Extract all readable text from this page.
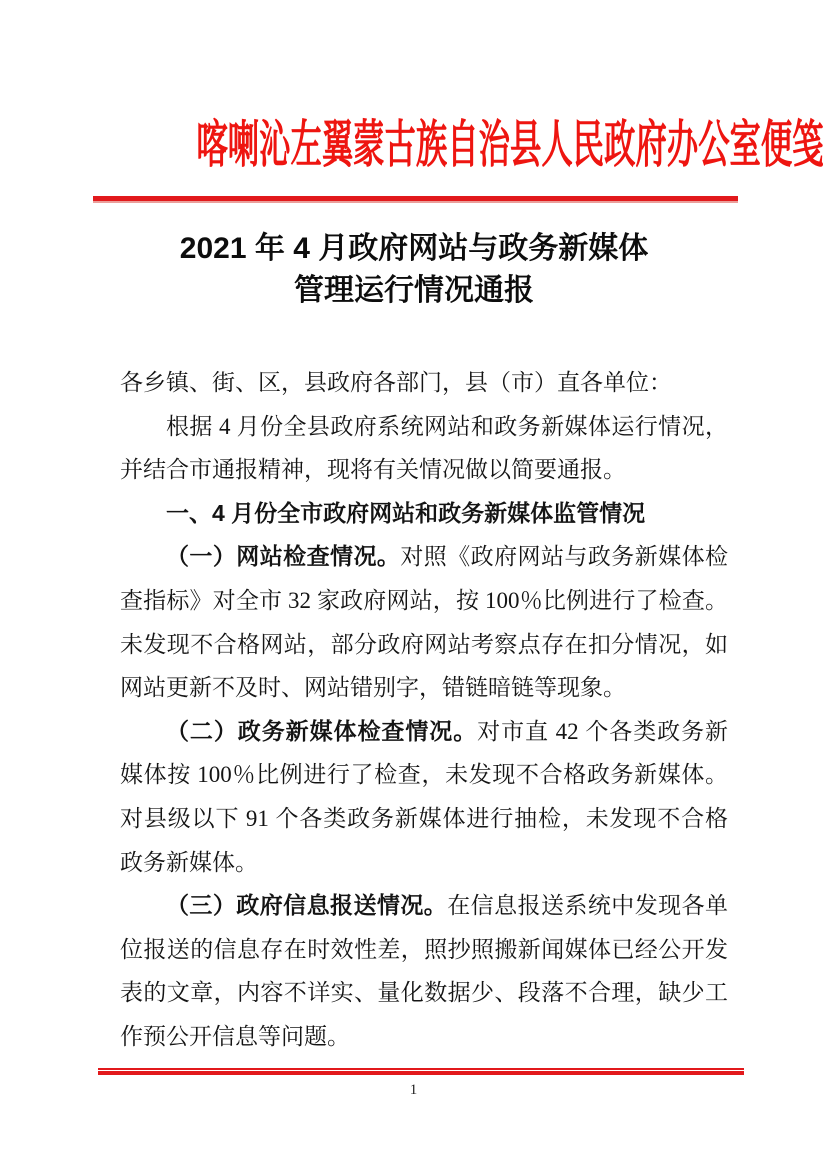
喀喇沁左翼蒙古族自治县人民政府办公室便笺
2021 年 4 月政府网站与政务新媒体
管理运行情况通报
各乡镇、街、区，县政府各部门，县（市）直各单位：
根据 4 月份全县政府系统网站和政务新媒体运行情况，
并结合市通报精神，现将有关情况做以简要通报。
一、4 月份全市政府网站和政务新媒体监管情况
（一）网站检查情况。对照《政府网站与政务新媒体检
查指标》对全市 32 家政府网站，按 100％比例进行了检查。
未发现不合格网站，部分政府网站考察点存在扣分情况，如
网站更新不及时、网站错别字，错链暗链等现象。
（二）政务新媒体检查情况。对市直 42 个各类政务新
媒体按 100％比例进行了检查，未发现不合格政务新媒体。
对县级以下 91 个各类政务新媒体进行抽检，未发现不合格
政务新媒体。
（三）政府信息报送情况。在信息报送系统中发现各单
位报送的信息存在时效性差，照抄照搬新闻媒体已经公开发
表的文章，内容不详实、量化数据少、段落不合理，缺少工
作预公开信息等问题。
1
